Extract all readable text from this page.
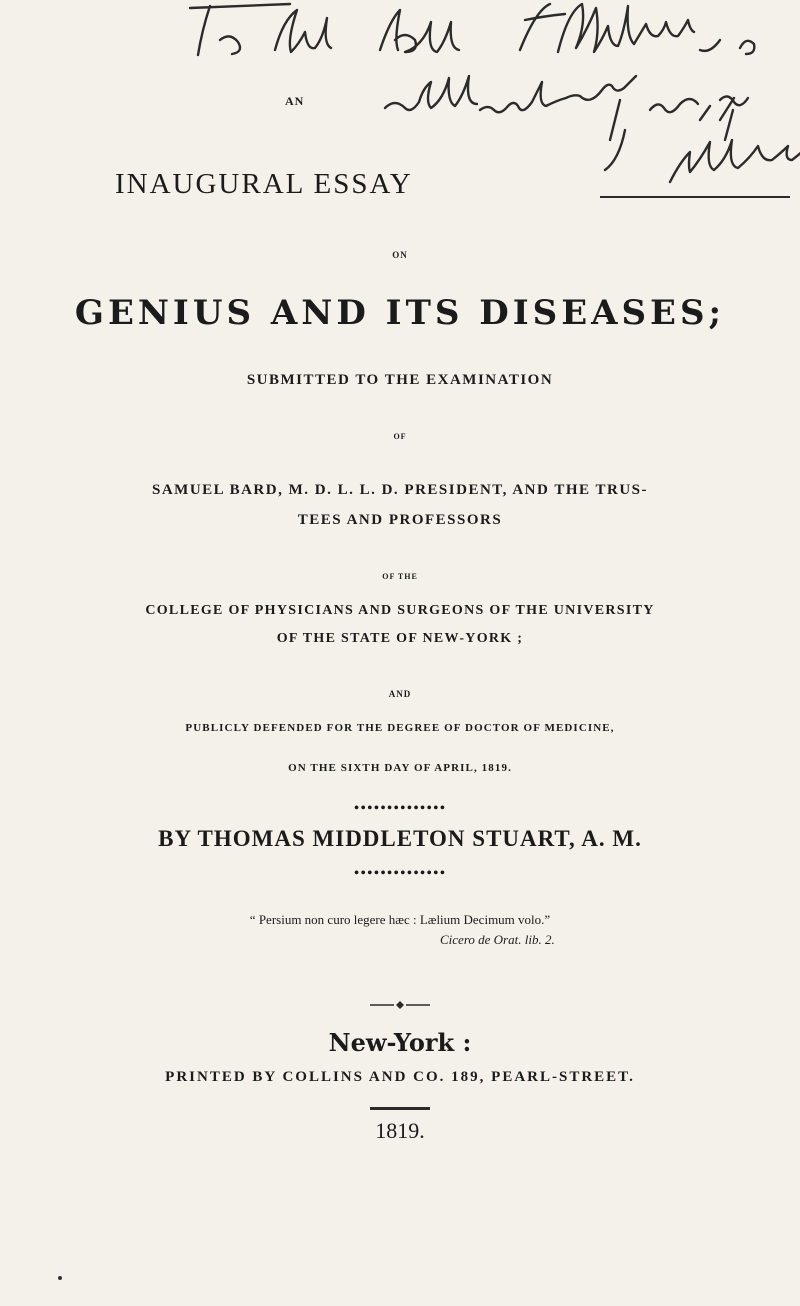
AN
INAUGURAL ESSAY
ON
GENIUS AND ITS DISEASES;
SUBMITTED TO THE EXAMINATION
OF
SAMUEL BARD, M. D. L. L. D. PRESIDENT, AND THE TRUS-
TEES AND PROFESSORS
OF THE
COLLEGE OF PHYSICIANS AND SURGEONS OF THE UNIVERSITY
OF THE STATE OF NEW-YORK ;
AND
PUBLICLY DEFENDED FOR THE DEGREE OF DOCTOR OF MEDICINE,
ON THE SIXTH DAY OF APRIL, 1819.
••••••••••••••
BY THOMAS MIDDLETON STUART, A. M.
••••••••••••••
“ Persium non curo legere hæc : Lælium Decimum volo.”
Cicero de Orat. lib. 2.
New-York :
PRINTED BY COLLINS AND CO. 189, PEARL-STREET.
1819.
